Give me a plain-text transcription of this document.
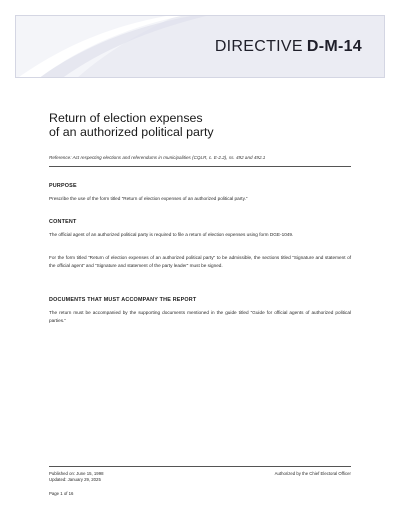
DIRECTIVE D-M-14
Return of election expenses
of an authorized political party
Reference: Act respecting elections and referendums in municipalities (CQLR, c. E-2.2), ss. 492 and 492.1
PURPOSE
Prescribe the use of the form titled “Return of election expenses of an authorized political party.”
CONTENT
The official agent of an authorized political party is required to file a return of election expenses using form DGE-1049.
For the form titled “Return of election expenses of an authorized political party” to be admissible, the sections titled “Signature and statement of the official agent” and “Signature and statement of the party leader” must be signed.
DOCUMENTS THAT MUST ACCOMPANY THE REPORT
The return must be accompanied by the supporting documents mentioned in the guide titled “Guide for official agents of authorized political parties.”
Published on: June 15, 1998
Updated: January 29, 2025
Authorized by the Chief Electoral Officer
Page 1 of 16
